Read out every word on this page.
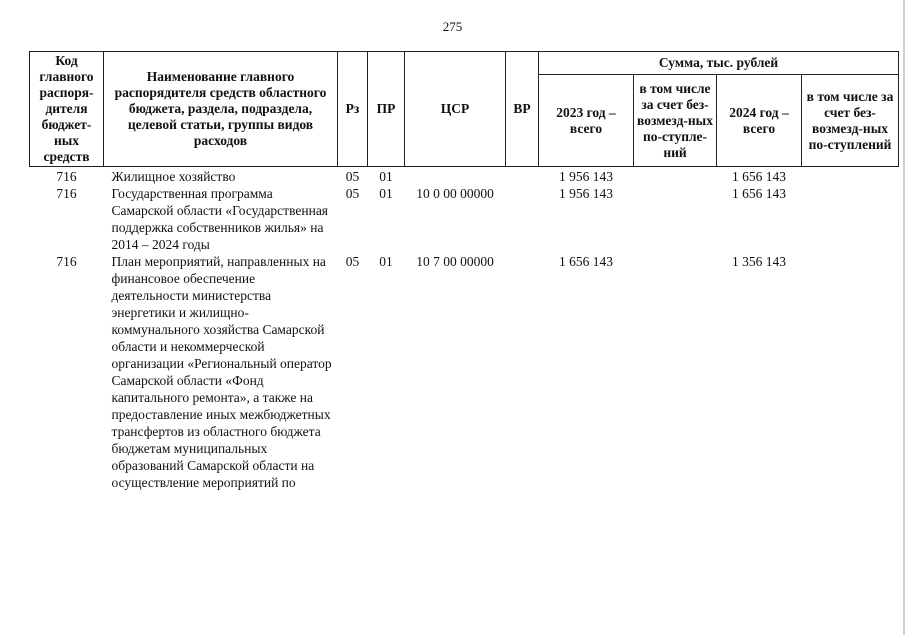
275
Код главного распоря-дителя бюджет-ных средств	Наименование главного распорядителя средств областного бюджета, раздела, подраздела, целевой статьи, группы видов расходов	Рз	ПР	ЦСР	ВР	Сумма, тыс. рублей			
						2023 год – всего	в том числе за счет без-возмезд-ных по-ступле-ний	2024 год – всего	в том числе за счет без-возмезд-ных по-ступлений
716	Жилищное хозяйство	05	01			1 956 143		1 656 143	
716	Государственная программа Самарской области «Государственная поддержка собственников жилья» на 2014 – 2024 годы	05	01	10 0 00 00000		1 956 143		1 656 143	
716	План мероприятий, направленных на финансовое обеспечение деятельности министерства энергетики и жилищно-коммунального хозяйства Самарской области и некоммерческой организации «Региональный оператор Самарской области «Фонд капитального ремонта», а также на предоставление иных межбюджетных трансфертов из областного бюджета бюджетам муниципальных образований Самарской области на осуществление мероприятий по	05	01	10 7 00 00000		1 656 143		1 356 143	
